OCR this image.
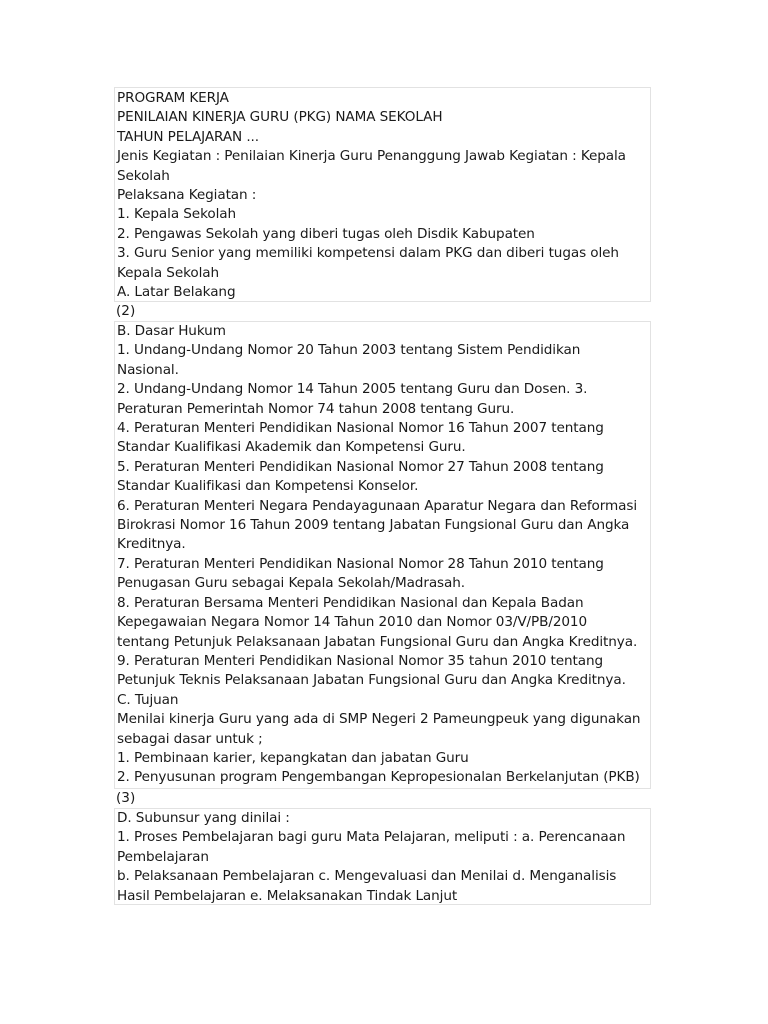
PROGRAM KERJA
PENILAIAN KINERJA GURU (PKG) NAMA SEKOLAH
TAHUN PELAJARAN ...
Jenis Kegiatan : Penilaian Kinerja Guru Penanggung Jawab Kegiatan : Kepala
Sekolah
Pelaksana Kegiatan :
1. Kepala Sekolah
2. Pengawas Sekolah yang diberi tugas oleh Disdik Kabupaten
3. Guru Senior yang memiliki kompetensi dalam PKG dan diberi tugas oleh
Kepala Sekolah
A. Latar Belakang
(2)
B. Dasar Hukum
1. Undang-Undang Nomor 20 Tahun 2003 tentang Sistem Pendidikan
Nasional.
2. Undang-Undang Nomor 14 Tahun 2005 tentang Guru dan Dosen. 3.
Peraturan Pemerintah Nomor 74 tahun 2008 tentang Guru.
4. Peraturan Menteri Pendidikan Nasional Nomor 16 Tahun 2007 tentang
Standar Kualifikasi Akademik dan Kompetensi Guru.
5. Peraturan Menteri Pendidikan Nasional Nomor 27 Tahun 2008 tentang
Standar Kualifikasi dan Kompetensi Konselor.
6. Peraturan Menteri Negara Pendayagunaan Aparatur Negara dan Reformasi
Birokrasi Nomor 16 Tahun 2009 tentang Jabatan Fungsional Guru dan Angka
Kreditnya.
7. Peraturan Menteri Pendidikan Nasional Nomor 28 Tahun 2010 tentang
Penugasan Guru sebagai Kepala Sekolah/Madrasah.
8. Peraturan Bersama Menteri Pendidikan Nasional dan Kepala Badan
Kepegawaian Negara Nomor 14 Tahun 2010 dan Nomor 03/V/PB/2010
tentang Petunjuk Pelaksanaan Jabatan Fungsional Guru dan Angka Kreditnya.
9. Peraturan Menteri Pendidikan Nasional Nomor 35 tahun 2010 tentang
Petunjuk Teknis Pelaksanaan Jabatan Fungsional Guru dan Angka Kreditnya.
C. Tujuan
Menilai kinerja Guru yang ada di SMP Negeri 2 Pameungpeuk yang digunakan
sebagai dasar untuk ;
1. Pembinaan karier, kepangkatan dan jabatan Guru
2. Penyusunan program Pengembangan Kepropesionalan Berkelanjutan (PKB)
(3)
D. Subunsur yang dinilai :
1. Proses Pembelajaran bagi guru Mata Pelajaran, meliputi : a. Perencanaan
Pembelajaran
b. Pelaksanaan Pembelajaran c. Mengevaluasi dan Menilai d. Menganalisis
Hasil Pembelajaran e. Melaksanakan Tindak Lanjut
